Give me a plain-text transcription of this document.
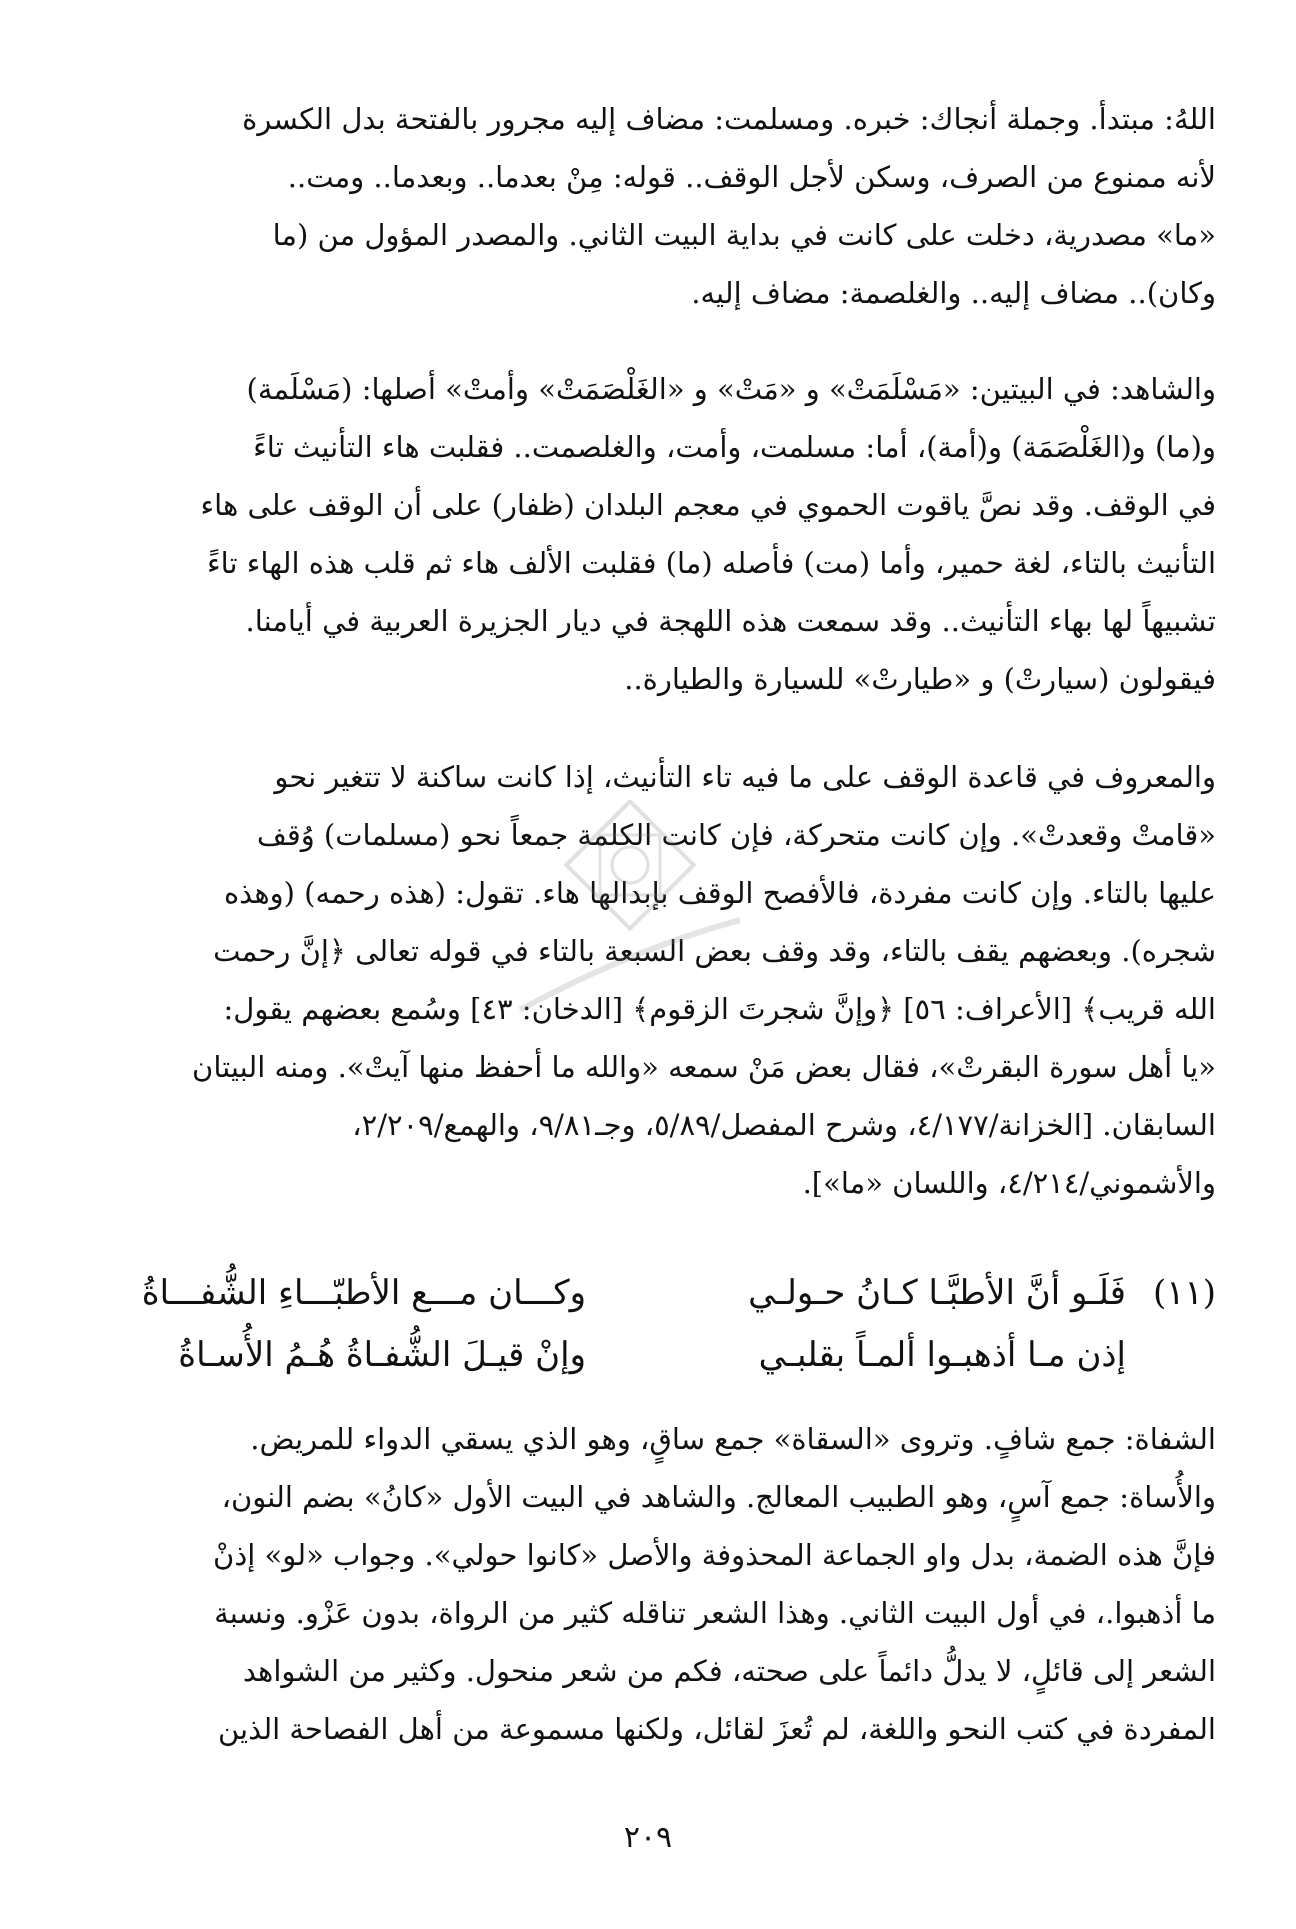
اللهُ: مبتدأ. وجملة أنجاك: خبره. ومسلمت: مضاف إليه مجرور بالفتحة بدل الكسرة
لأنه ممنوع من الصرف، وسكن لأجل الوقف.. قوله: مِنْ بعدما.. وبعدما.. ومت..
«ما» مصدرية، دخلت على كانت في بداية البيت الثاني. والمصدر المؤول من (ما
وكان).. مضاف إليه.. والغلصمة: مضاف إليه.
والشاهد: في البيتين: «مَسْلَمَتْ» و «مَتْ» و «الغَلْصَمَتْ» وأمتْ» أصلها: (مَسْلَمة)
و(ما) و(الغَلْصَمَة) و(أمة)، أما: مسلمت، وأمت، والغلصمت.. فقلبت هاء التأنيث تاءً
في الوقف. وقد نصَّ ياقوت الحموي في معجم البلدان (ظفار) على أن الوقف على هاء
التأنيث بالتاء، لغة حمير، وأما (مت) فأصله (ما) فقلبت الألف هاء ثم قلب هذه الهاء تاءً
تشبيهاً لها بهاء التأنيث.. وقد سمعت هذه اللهجة في ديار الجزيرة العربية في أيامنا.
فيقولون (سيارتْ) و «طيارتْ» للسيارة والطيارة..
والمعروف في قاعدة الوقف على ما فيه تاء التأنيث، إذا كانت ساكنة لا تتغير نحو
«قامتْ وقعدتْ». وإن كانت متحركة، فإن كانت الكلمة جمعاً نحو (مسلمات) وُقف
عليها بالتاء. وإن كانت مفردة، فالأفصح الوقف بإبدالها هاء. تقول: (هذه رحمه) (وهذه
شجره). وبعضهم يقف بالتاء، وقد وقف بعض السبعة بالتاء في قوله تعالى ﴿إنَّ رحمت
الله قريب﴾ [الأعراف: ٥٦] ﴿وإنَّ شجرتَ الزقوم﴾ [الدخان: ٤٣] وسُمع بعضهم يقول:
«يا أهل سورة البقرتْ»، فقال بعض مَنْ سمعه «والله ما أحفظ منها آيتْ». ومنه البيتان
السابقان. [الخزانة/٤/١٧٧، وشرح المفصل/٥/٨٩، وجـ٩/٨١، والهمع/٢/٢٠٩،
والأشموني/٤/٢١٤، واللسان «ما»].
(١١)
فَلَـو أنَّ الأطبَّـا كـانُ حـولـي
وكـــان مـــع الأطبّـــاءِ الشُّفـــاةُ
إذن مـا أذهبـوا ألمـاً بقلبـي
وإنْ قيـلَ الشُّفـاةُ هُـمُ الأُسـاةُ
الشفاة: جمع شافٍ. وتروى «السقاة» جمع ساقٍ، وهو الذي يسقي الدواء للمريض.
والأُساة: جمع آسٍ، وهو الطبيب المعالج. والشاهد في البيت الأول «كانُ» بضم النون،
فإنَّ هذه الضمة، بدل واو الجماعة المحذوفة والأصل «كانوا حولي». وجواب «لو» إذنْ
ما أذهبوا.، في أول البيت الثاني. وهذا الشعر تناقله كثير من الرواة، بدون عَزْو. ونسبة
الشعر إلى قائلٍ، لا يدلُّ دائماً على صحته، فكم من شعر منحول. وكثير من الشواهد
المفردة في كتب النحو واللغة، لم تُعزَ لقائل، ولكنها مسموعة من أهل الفصاحة الذين
٢٠٩
